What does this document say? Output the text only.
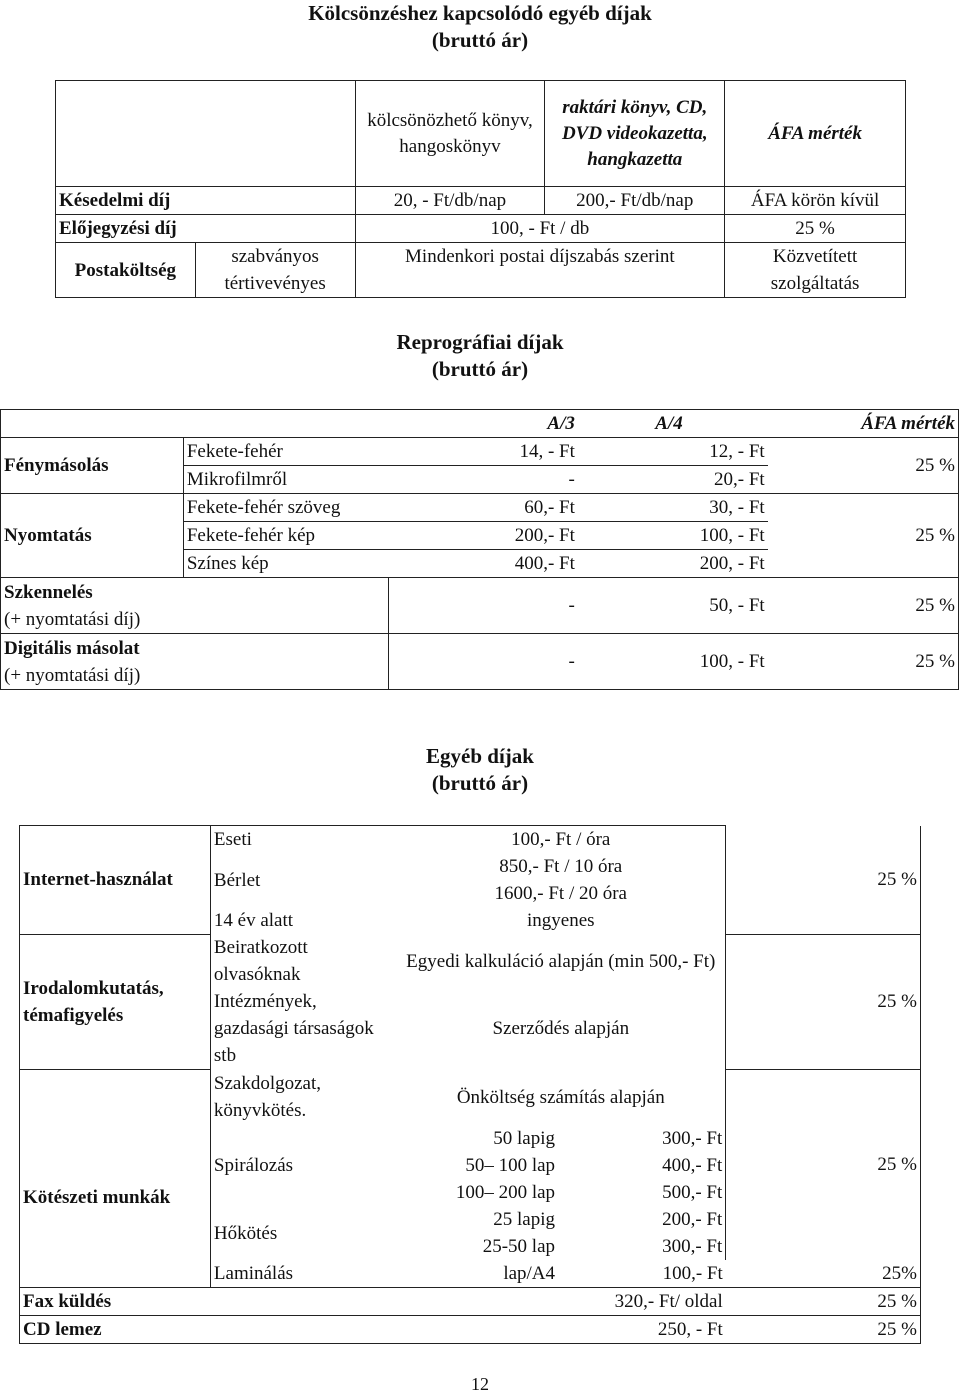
Kölcsönzéshez kapcsolódó egyéb díjak
(bruttó ár)
		kölcsönözhető könyv, hangoskönyv	raktári könyv, CD, DVD videokazetta, hangkazetta	ÁFA mérték
Késedelmi díj		20, - Ft/db/nap	200,- Ft/db/nap	ÁFA körön kívül
Előjegyzési díj		100, - Ft / db		25 %
Postaköltség	szabványos	Mindenkori postai díjszabás szerint		Közvetített szolgáltatás
	tértivevényes			
Reprográfiai díjak
(bruttó ár)
		A/3	A/4	ÁFA mérték
Fénymásolás	Fekete-fehér	14, - Ft	12, - Ft	25 %
	Mikrofilmről	-	20,- Ft	
Nyomtatás	Fekete-fehér szöveg	60,- Ft	30, - Ft	25 %
	Fekete-fehér kép	200,- Ft	100, - Ft	
	Színes kép	400,- Ft	200, - Ft	

Szkennelés
(+ nyomtatási díj)		-	50, - Ft	25 %

Digitális másolat
(+ nyomtatási díj)		-	100, - Ft	25 %
Egyéb díjak
(bruttó ár)
Internet-használat	Eseti	100,- Ft / óra		25 %
	Bérlet	850,- Ft / 10 óra		
		1600,- Ft / 20 óra		
	14 év alatt	ingyenes		
Irodalomkutatás, témafigyelés	Beiratkozott olvasóknak	Egyedi kalkuláció alapján (min 500,- Ft)		25 %
	Intézmények, gazdasági társaságok stb	Szerződés alapján		
Kötészeti munkák	Szakdolgozat, könyvkötés.	Önköltség számítás alapján		25 %
	Spirálozás	50 lapig	300,- Ft	
		50– 100 lap	400,- Ft	
		100– 200 lap	500,- Ft	
	Hőkötés	25 lapig	200,- Ft	
		25-50 lap	300,- Ft	
	Laminálás	lap/A4	100,- Ft	25%
Fax küldés	320,- Ft/ oldal			25 %
CD lemez	250, - Ft			25 %
12
